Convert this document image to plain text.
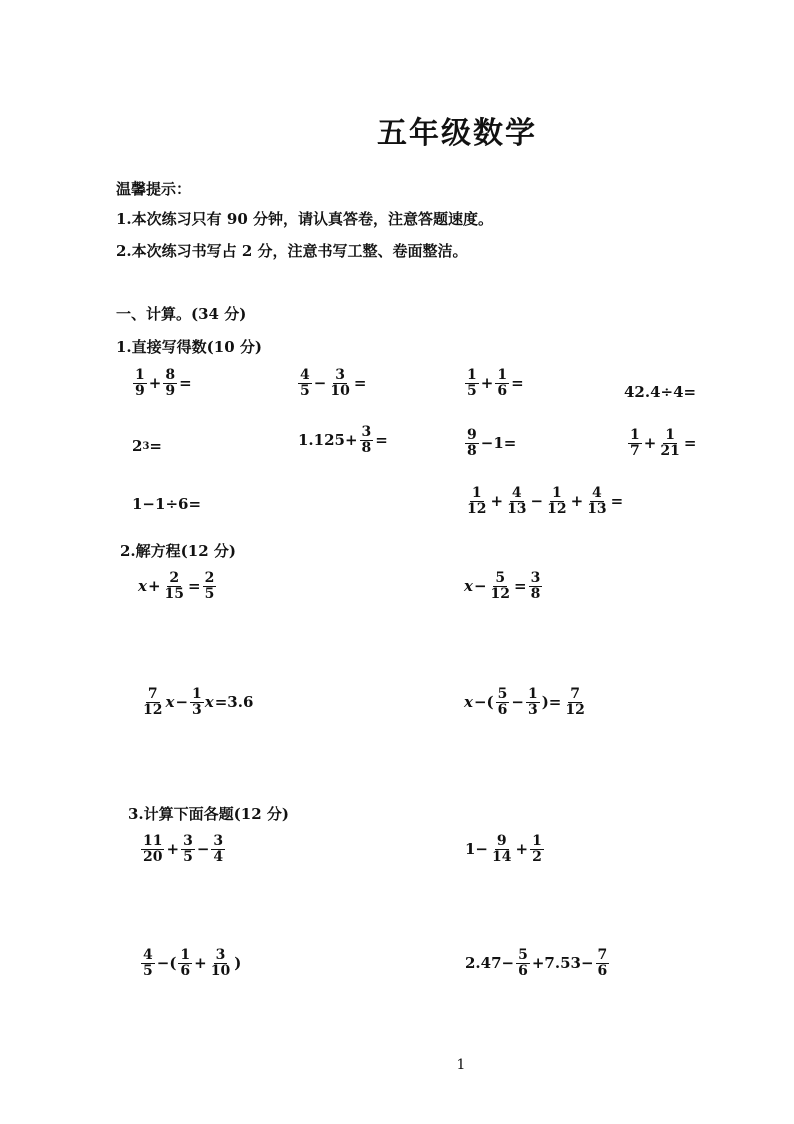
五年级数学
温馨提示：
1.本次练习只有 90 分钟，请认真答卷，注意答题速度。
2.本次练习书写占 2 分，注意书写工整、卷面整洁。
一、计算。(34 分)
1.直接写得数(10 分)
$\frac{1}{9} + \frac{8}{9}$ =	$\frac{4}{5} - \frac{3}{10}$ =	$\frac{1}{5} + \frac{1}{6}$ =	42.4÷4=
2 3 =	$1.125+ \frac{3}{8}$ =	$\frac{9}{8} -1=$	$\frac{1}{7} + \frac{1}{21}$ =
1−1÷6=	$\frac{1}{12} + \frac{4}{13} - \frac{1}{12} + \frac{4}{13}$ =
2.解方程(12 分)
$x + \frac{2}{15} = \frac{2}{5}$	$x - \frac{5}{12} = \frac{3}{8}$
$\frac{7}{12}$ $x - \frac{1}{3}$ x =3.6	x −( $\frac{5}{6} - \frac{1}{3}$ )= $\frac{7}{12}$
3.计算下面各题(12 分)
$\frac{11}{20} + \frac{3}{5} - \frac{3}{4}$	$1- \frac{9}{14} + \frac{1}{2}$
$\frac{4}{5}$ −( $\frac{1}{6} + \frac{3}{10}$ )	$2.47- \frac{5}{6} +7.53- \frac{7}{6}$
1
